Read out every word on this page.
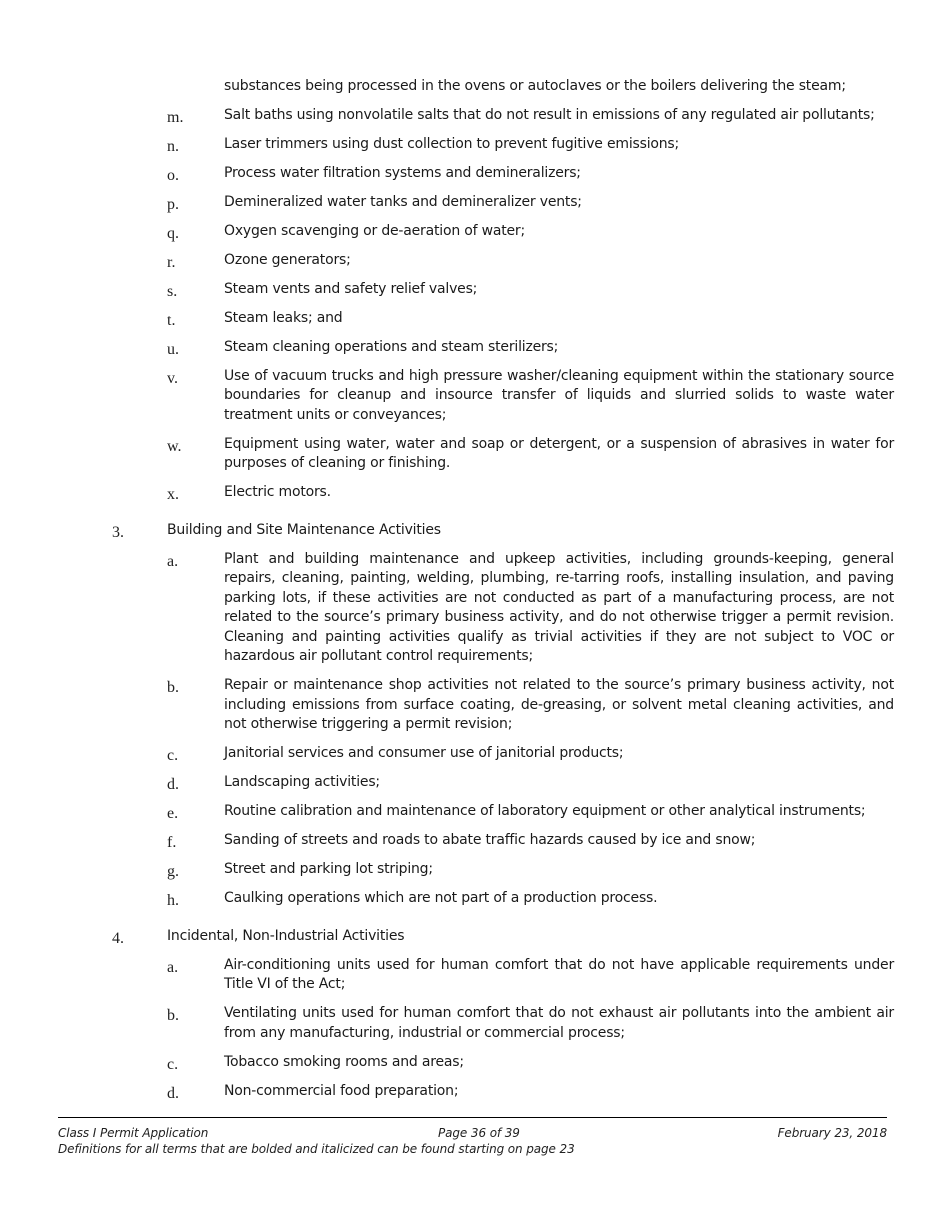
substances being processed in the ovens or autoclaves or the boilers delivering the steam;
m.	Salt baths using nonvolatile salts that do not result in emissions of any regulated air pollutants;
n.	Laser trimmers using dust collection to prevent fugitive emissions;
o.	Process water filtration systems and demineralizers;
p.	Demineralized water tanks and demineralizer vents;
q.	Oxygen scavenging or de-aeration of water;
r.	Ozone generators;
s.	Steam vents and safety relief valves;
t.	Steam leaks; and
u.	Steam cleaning operations and steam sterilizers;
v.	Use of vacuum trucks and high pressure washer/cleaning equipment within the stationary source boundaries for cleanup and insource transfer of liquids and slurried solids to waste water treatment units or conveyances;
w.	Equipment using water, water and soap or detergent, or a suspension of abrasives in water for purposes of cleaning or finishing.
x.	Electric motors.
3.	Building and Site Maintenance Activities
a.	Plant and building maintenance and upkeep activities, including grounds-keeping, general repairs, cleaning, painting, welding, plumbing, re-tarring roofs, installing insulation, and paving parking lots, if these activities are not conducted as part of a manufacturing process, are not related to the source’s primary business activity, and do not otherwise trigger a permit revision. Cleaning and painting activities qualify as trivial activities if they are not subject to VOC or hazardous air pollutant control requirements;
b.	Repair or maintenance shop activities not related to the source’s primary business activity, not including emissions from surface coating, de-greasing, or solvent metal cleaning activities, and not otherwise triggering a permit revision;
c.	Janitorial services and consumer use of janitorial products;
d.	Landscaping activities;
e.	Routine calibration and maintenance of laboratory equipment or other analytical instruments;
f.	Sanding of streets and roads to abate traffic hazards caused by ice and snow;
g.	Street and parking lot striping;
h.	Caulking operations which are not part of a production process.
4.	Incidental, Non-Industrial Activities
a.	Air-conditioning units used for human comfort that do not have applicable requirements under Title VI of the Act;
b.	Ventilating units used for human comfort that do not exhaust air pollutants into the ambient air from any manufacturing, industrial or commercial process;
c.	Tobacco smoking rooms and areas;
d.	Non-commercial food preparation;
Class I Permit Application	Page 36 of 39	February 23, 2018
Definitions for all terms that are bolded and italicized can be found starting on page 23
